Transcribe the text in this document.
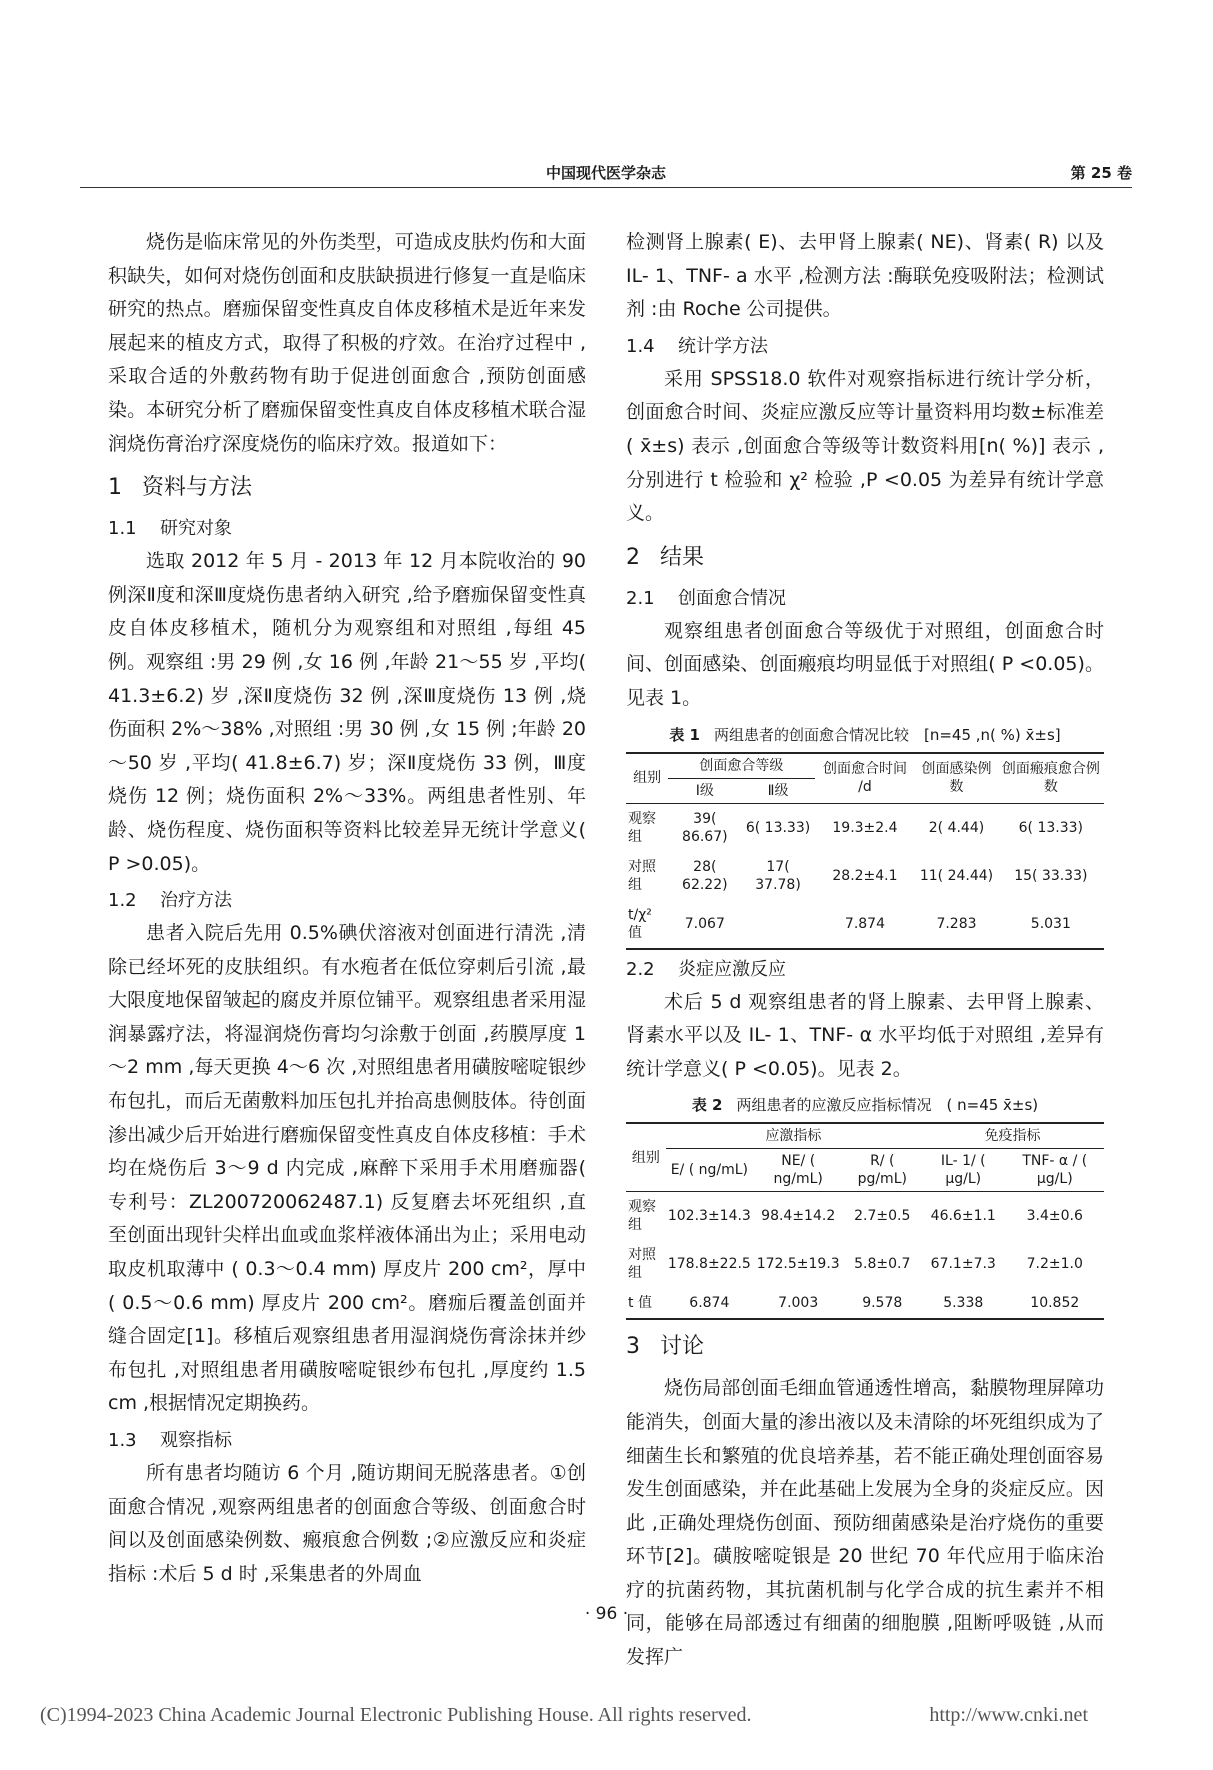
中国现代医学杂志	第 25 卷

烧伤是临床常见的外伤类型，可造成皮肤灼伤和大面积缺失，如何对烧伤创面和皮肤缺损进行修复一直是临床研究的热点。磨痂保留变性真皮自体皮移植术是近年来发展起来的植皮方式，取得了积极的疗效。在治疗过程中 ,采取合适的外敷药物有助于促进创面愈合 ,预防创面感染。本研究分析了磨痂保留变性真皮自体皮移植术联合湿润烧伤膏治疗深度烧伤的临床疗效。报道如下：

1 资料与方法
1.1 研究对象

选取 2012 年 5 月 - 2013 年 12 月本院收治的 90 例深Ⅱ度和深Ⅲ度烧伤患者纳入研究 ,给予磨痂保留变性真皮自体皮移植术，随机分为观察组和对照组 ,每组 45 例。观察组 :男 29 例 ,女 16 例 ,年龄 21～55 岁 ,平均( 41.3±6.2) 岁 ,深Ⅱ度烧伤 32 例 ,深Ⅲ度烧伤 13 例 ,烧伤面积 2%～38% ,对照组 :男 30 例 ,女 15 例 ;年龄 20～50 岁 ,平均( 41.8±6.7) 岁；深Ⅱ度烧伤 33 例，Ⅲ度烧伤 12 例；烧伤面积 2%～33%。两组患者性别、年龄、烧伤程度、烧伤面积等资料比较差异无统计学意义( P >0.05)。

1.2 治疗方法

患者入院后先用 0.5%碘伏溶液对创面进行清洗 ,清除已经坏死的皮肤组织。有水疱者在低位穿刺后引流 ,最大限度地保留皱起的腐皮并原位铺平。观察组患者采用湿润暴露疗法，将湿润烧伤膏均匀涂敷于创面 ,药膜厚度 1～2 mm ,每天更换 4～6 次 ,对照组患者用磺胺嘧啶银纱布包扎，而后无菌敷料加压包扎并抬高患侧肢体。待创面渗出减少后开始进行磨痂保留变性真皮自体皮移植：手术均在烧伤后 3～9 d 内完成 ,麻醉下采用手术用磨痂器( 专利号：ZL200720062487.1) 反复磨去坏死组织 ,直至创面出现针尖样出血或血浆样液体涌出为止；采用电动取皮机取薄中 ( 0.3～0.4 mm) 厚皮片 200 cm²，厚中 ( 0.5～0.6 mm) 厚皮片 200 cm²。磨痂后覆盖创面并缝合固定[1]。移植后观察组患者用湿润烧伤膏涂抹并纱布包扎 ,对照组患者用磺胺嘧啶银纱布包扎 ,厚度约 1.5 cm ,根据情况定期换药。

1.3 观察指标

所有患者均随访 6 个月 ,随访期间无脱落患者。①创面愈合情况 ,观察两组患者的创面愈合等级、创面愈合时间以及创面感染例数、瘢痕愈合例数 ;②应激反应和炎症指标 :术后 5 d 时 ,采集患者的外周血

检测肾上腺素( E)、去甲肾上腺素( NE)、肾素( R) 以及 IL- 1、TNF- a 水平 ,检测方法 :酶联免疫吸附法；检测试剂 :由 Roche 公司提供。

1.4 统计学方法

采用 SPSS18.0 软件对观察指标进行统计学分析，创面愈合时间、炎症应激反应等计量资料用均数±标准差( x̄±s) 表示 ,创面愈合等级等计数资料用[n( %)] 表示 ,分别进行 t 检验和 χ² 检验 ,P <0.05 为差异有统计学意义。

2 结果
2.1 创面愈合情况

观察组患者创面愈合等级优于对照组，创面愈合时间、创面感染、创面瘢痕均明显低于对照组( P <0.05)。见表 1。

表 1 两组患者的创面愈合情况比较　[n=45 ,n( %) x̄±s]
组别	创面愈合等级		创面愈合时间 /d	创面感染例数	创面瘢痕愈合例数
	Ⅰ级	Ⅱ级			
观察组	39( 86.67)	6( 13.33)	19.3±2.4	2( 4.44)	6( 13.33)
对照组	28( 62.22)	17( 37.78)	28.2±4.1	11( 24.44)	15( 33.33)
t/χ² 值	7.067		7.874	7.283	5.031
2.2 炎症应激反应

术后 5 d 观察组患者的肾上腺素、去甲肾上腺素、肾素水平以及 IL- 1、TNF- α 水平均低于对照组 ,差异有统计学意义( P <0.05)。见表 2。

表 2 两组患者的应激反应指标情况　( n=45 x̄±s)
组别	应激指标			免疫指标	
	E/ ( ng/mL)	NE/ ( ng/mL)	R/ ( pg/mL)	IL- 1/ ( μg/L)	TNF- α / ( μg/L)
观察组	102.3±14.3	98.4±14.2	2.7±0.5	46.6±1.1	3.4±0.6
对照组	178.8±22.5	172.5±19.3	5.8±0.7	67.1±7.3	7.2±1.0
t 值	6.874	7.003	9.578	5.338	10.852
3 讨论

烧伤局部创面毛细血管通透性增高，黏膜物理屏障功能消失，创面大量的渗出液以及未清除的坏死组织成为了细菌生长和繁殖的优良培养基，若不能正确处理创面容易发生创面感染，并在此基础上发展为全身的炎症反应。因此 ,正确处理烧伤创面、预防细菌感染是治疗烧伤的重要环节[2]。磺胺嘧啶银是 20 世纪 70 年代应用于临床治疗的抗菌药物，其抗菌机制与化学合成的抗生素并不相同，能够在局部透过有细菌的细胞膜 ,阻断呼吸链 ,从而发挥广

· 96 ·
(C)1994-2023 China Academic Journal Electronic Publishing House. All rights reserved.	http://www.cnki.net
